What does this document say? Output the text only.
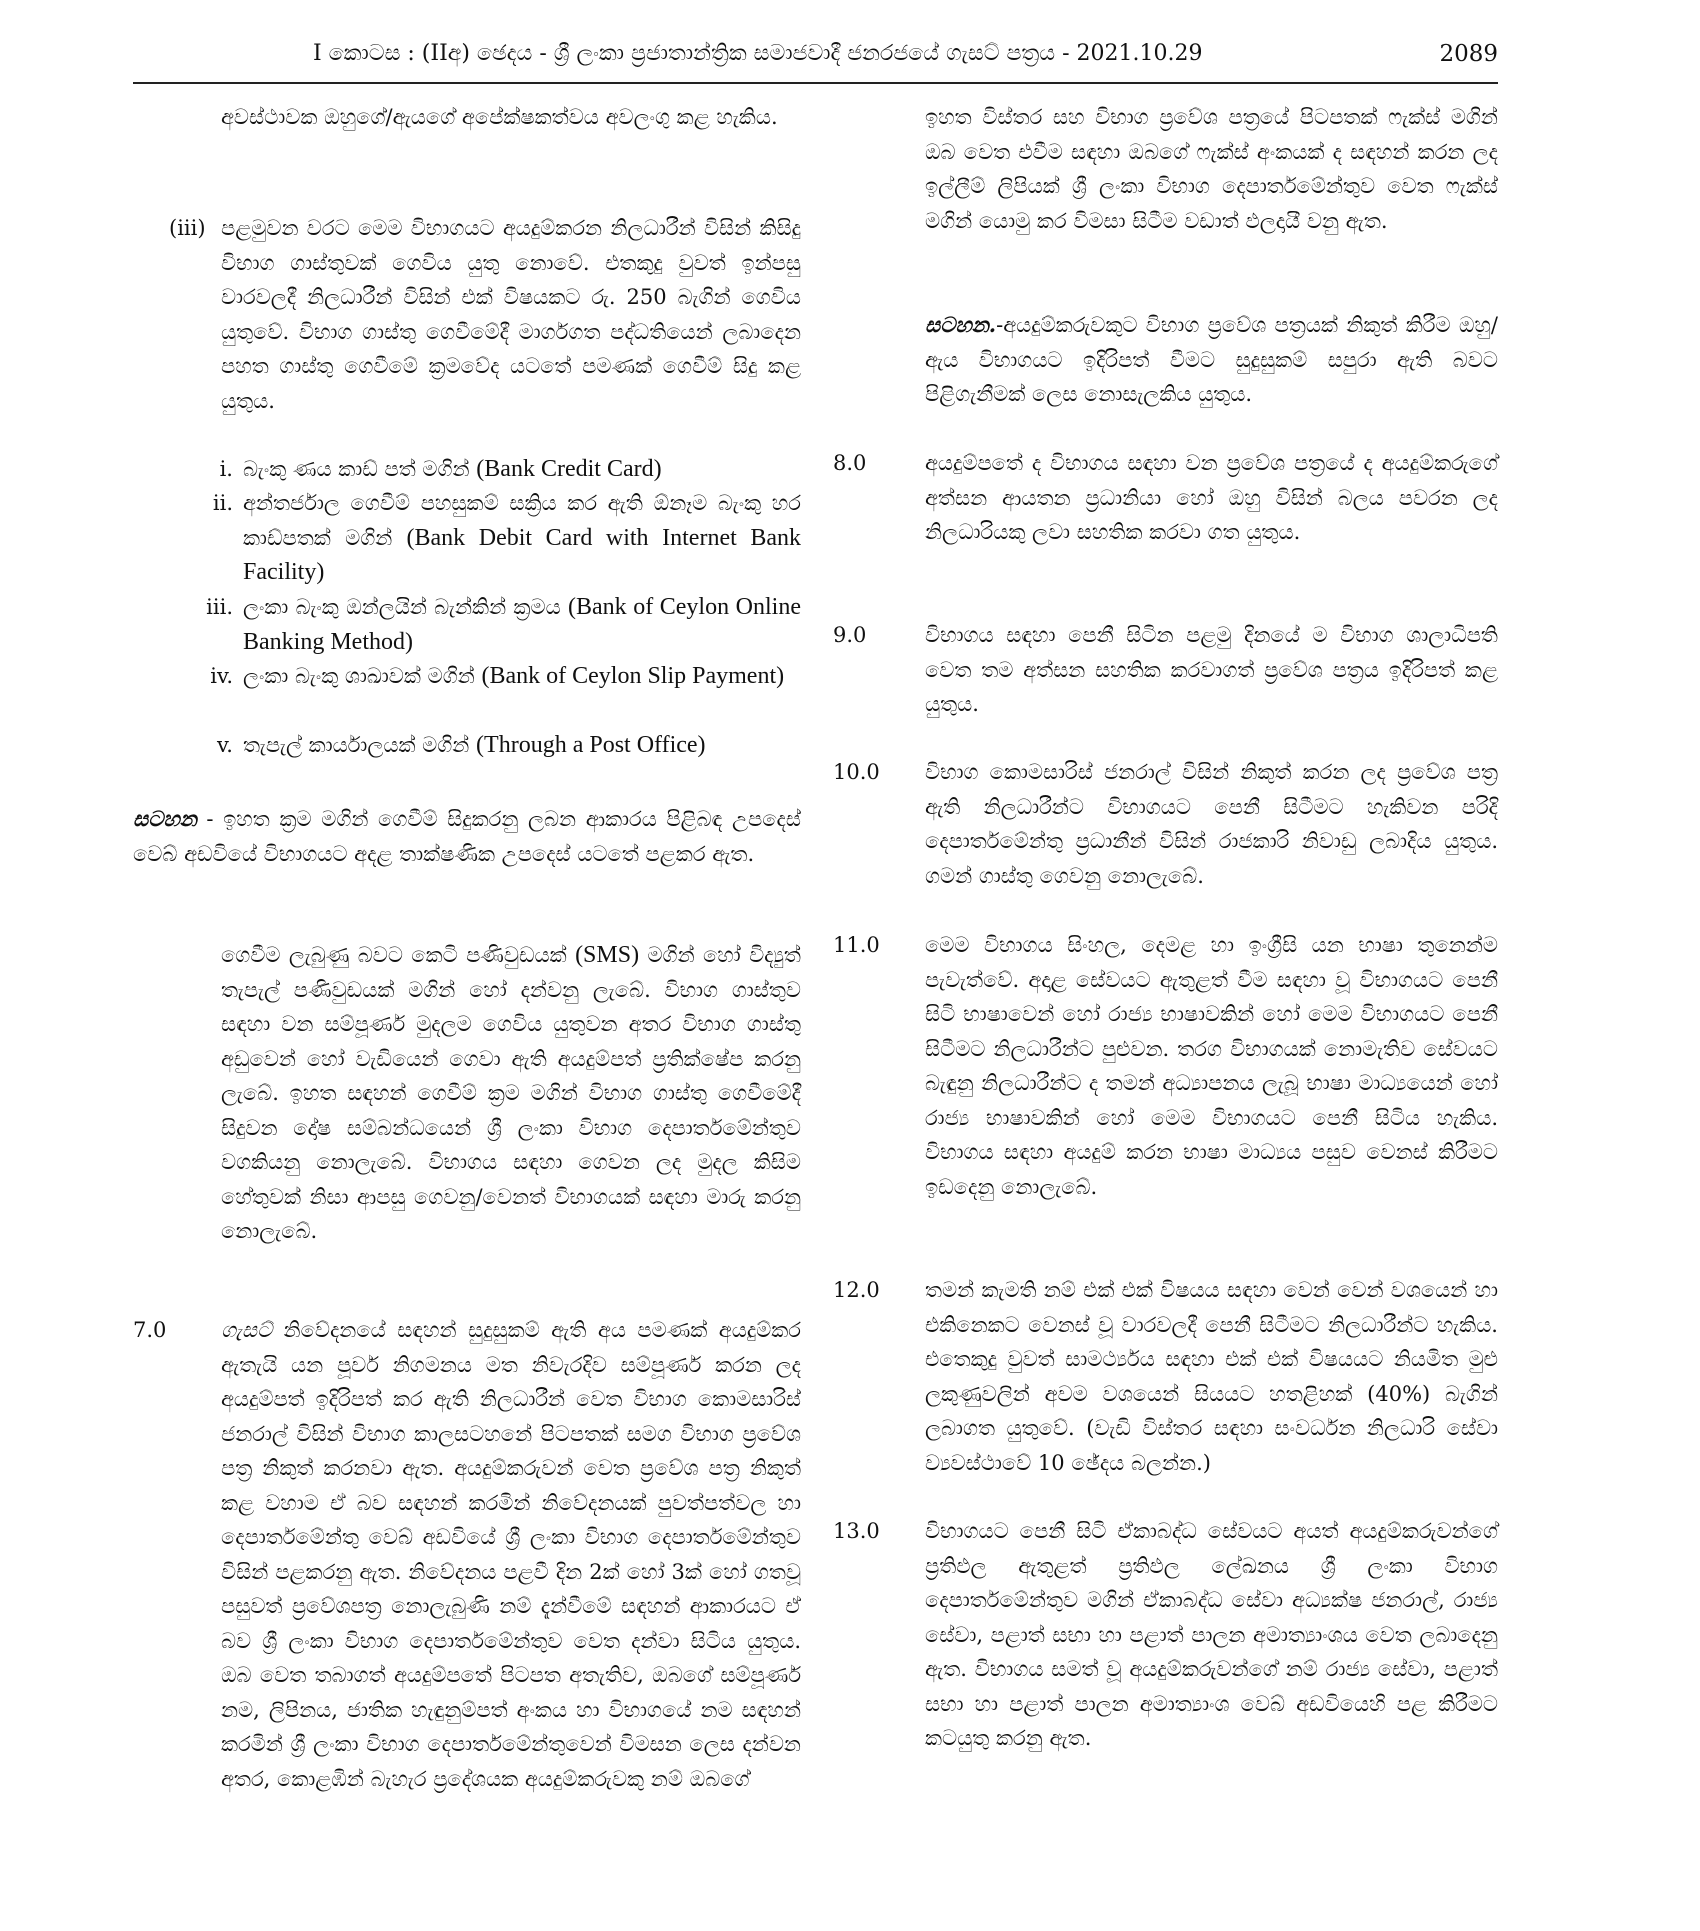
I කොටස : (IIඅ) ඡෙදය - ශ්‍රී ලංකා ප්‍රජාතාන්ත්‍රික සමාජවාදී ජනරජයේ ගැසට් පත්‍රය - 2021.10.29	2089

අවස්ථාවක ඔහුගේ/ඇයගේ අපේක්ෂකත්වය අවලංගු කළ හැකිය.

(iii) පළමුවන වරට මෙම විභාගයට අයදුම්කරන නිලධාරීන් විසින් කිසිදු විභාග ගාස්තුවක් ගෙවිය යුතු නොවේ. එතකුදු වුවත් ඉන්පසු වාරවලදී නිලධාරීන් විසින් එක් විෂයකට රු. 250 බැගින් ගෙවිය යුතුවේ. විභාග ගාස්තු ගෙවීමේදී මාර්ගගත පද්ධතියෙන් ලබාදෙන පහත ගාස්තු ගෙවීමේ ක්‍රමවේද යටතේ පමණක් ගෙවීම් සිදු කළ යුතුය.

i. බැංකු ණය කාඩ් පත් මගින් (Bank Credit Card)
ii. අන්තර්ජාල ගෙවීම් පහසුකම් සක්‍රිය කර ඇති ඕනෑම බැංකු හර කාඩ්පතක් මගින් (Bank Debit Card with Internet Bank Facility)
iii. ලංකා බැංකු ඔන්ලයින් බැන්කින් ක්‍රමය (Bank of Ceylon Online Banking Method)
iv. ලංකා බැංකු ශාඛාවක් මගින් (Bank of Ceylon Slip Payment)
v. තැපැල් කාර්යාලයක් මගින් (Through a Post Office)

සටහන - ඉහත ක්‍රම මගින් ගෙවීම් සිදුකරනු ලබන ආකාරය පිළිබඳ උපදෙස් වෙබ් අඩවියේ විභාගයට අදළ තාක්ෂණික උපදෙස් යටතේ පළකර ඇත.

ගෙවීම ලැබුණු බවට කෙටි පණිවුඩයක් (SMS) මගින් හෝ විද්‍යුත් තැපැල් පණිවුඩයක් මගින් හෝ දන්වනු ලැබේ. විභාග ගාස්තුව සඳහා වන සම්පූර්ණ මුදලම ගෙවිය යුතුවන අතර විභාග ගාස්තු අඩුවෙන් හෝ වැඩියෙන් ගෙවා ඇති අයදුම්පත් ප්‍රතික්ෂේප කරනු ලැබේ. ඉහත සඳහන් ගෙවීම් ක්‍රම මගින් විභාග ගාස්තු ගෙවීමේදී සිදුවන දෝෂ සම්බන්ධයෙන් ශ්‍රී ලංකා විභාග දෙපාර්තමේන්තුව වගකියනු නොලැබේ. විභාගය සඳහා ගෙවන ලද මුදල කිසිම හේතුවක් නිසා ආපසු ගෙවනු/වෙනත් විභාගයක් සඳහා මාරු කරනු නොලැබේ.

7.0	ගැසට් නිවේදනයේ සඳහන් සුදුසුකම් ඇති අය පමණක් අයදුම්කර ඇතැයි යන පූර්ව නිගමනය මත නිවැරදිව සම්පූර්ණ කරන ලද අයදුම්පත් ඉදිරිපත් කර ඇති නිලධාරීන් වෙත විභාග කොමසාරිස් ජනරාල් විසින් විභාග කාලසටහනේ පිටපතක් සමග විභාග ප්‍රවේශ පත්‍ර නිකුත් කරනවා ඇත. අයදුම්කරුවන් වෙත ප්‍රවේශ පත්‍ර නිකුත් කළ වහාම ඒ බව සඳහන් කරමින් නිවේදනයක් පුවත්පත්වල හා දෙපාර්තමේන්තු වෙබ් අඩවියේ ශ්‍රී ලංකා විභාග දෙපාර්තමේන්තුව විසින් පළකරනු ඇත. නිවේදනය පළවී දින 2ක් හෝ 3ක් හෝ ගතවූ පසුවත් ප්‍රවේශපත්‍ර නොලැබුණි නම් දැන්වීමේ සඳහන් ආකාරයට ඒ බව ශ්‍රී ලංකා විභාග දෙපාර්තමේන්තුව වෙත දන්වා සිටිය යුතුය. ඔබ වෙත තබාගත් අයදුම්පතේ පිටපත අතැතිව, ඔබගේ සම්පූර්ණ නම, ලිපිනය, ජාතික හැඳුනුම්පත් අංකය හා විභාගයේ නම සඳහන් කරමින් ශ්‍රී ලංකා විභාග දෙපාර්තමේන්තුවෙන් විමසන ලෙස දන්වන අතර, කොළඹින් බැහැර ප්‍රදේශයක අයදුම්කරුවකු නම් ඔබගේ

ඉහත විස්තර සහ විභාග ප්‍රවේශ පත්‍රයේ පිටපතක් ෆැක්ස් මගින් ඔබ වෙත එවීම සඳහා ඔබගේ ෆැක්ස් අංකයක් ද සඳහන් කරන ලද ඉල්ලීම් ලිපියක් ශ්‍රී ලංකා විභාග දෙපාර්තමේන්තුව වෙත ෆැක්ස් මගින් යොමු කර විමසා සිටීම වඩාත් ඵලදායී වනු ඇත.

සටහන.-අයදුම්කරුවකුට විභාග ප්‍රවේශ පත්‍රයක් නිකුත් කිරීම ඔහු/ඇය විභාගයට ඉදිරිපත් වීමට සුදුසුකම් සපුරා ඇති බවට පිළිගැනීමක් ලෙස නොසැලකිය යුතුය.

8.0	අයදුම්පතේ ද විභාගය සඳහා වන ප්‍රවේශ පත්‍රයේ ද අයදුම්කරුගේ අත්සන ආයතන ප්‍රධානියා හෝ ඔහු විසින් බලය පවරන ලද නිලධාරියකු ලවා සහතික කරවා ගත යුතුය.

9.0	විභාගය සඳහා පෙනී සිටින පළමු දිනයේ ම විභාග ශාලාධිපති වෙත තම අත්සන සහතික කරවාගත් ප්‍රවේශ පත්‍රය ඉදිරිපත් කළ යුතුය.

10.0 විභාග කොමසාරිස් ජනරාල් විසින් නිකුත් කරන ලද ප්‍රවේශ පත්‍ර ඇති නිලධාරීන්ට විභාගයට පෙනී සිටීමට හැකිවන පරිදි දෙපාර්තමේන්තු ප්‍රධානීන් විසින් රාජකාරි නිවාඩු ලබාදිය යුතුය. ගමන් ගාස්තු ගෙවනු නොලැබේ.

11.0 මෙම විභාගය සිංහල, දෙමළ හා ඉංග්‍රීසි යන භාෂා තුනෙන්ම පැවැත්වේ. අදාළ සේවයට ඇතුළත් වීම සඳහා වූ විභාගයට පෙනී සිටි භාෂාවෙන් හෝ රාජ්‍ය භාෂාවකින් හෝ මෙම විභාගයට පෙනී සිටීමට නිලධාරීන්ට පුළුවන. තරග විභාගයක් නොමැතිව සේවයට බැඳුනු නිලධාරීන්ට ද තමන් අධ්‍යාපනය ලැබූ භාෂා මාධ්‍යයෙන් හෝ රාජ්‍ය භාෂාවකින් හෝ මෙම විභාගයට පෙනී සිටිය හැකිය. විභාගය සඳහා අයදුම් කරන භාෂා මාධ්‍යය පසුව වෙනස් කිරීමට ඉඩදෙනු නොලැබේ.

12.0 තමන් කැමති නම් එක් එක් විෂයය සඳහා වෙන් වෙන් වශයෙන් හා එකිනෙකට වෙනස් වූ වාරවලදී පෙනී සිටීමට නිලධාරීන්ට හැකිය. එතෙකුදු වුවත් සාමර්ථ්‍යය සඳහා එක් එක් විෂයයට නියමිත මුළු ලකුණුවලින් අවම වශයෙන් සියයට හතළිහක් (40%) බැගින් ලබාගත යුතුවේ. (වැඩි විස්තර සඳහා සංවර්ධන නිලධාරි සේවා ව්‍යවස්ථාවේ 10 ඡේදය බලන්න.)

13.0 විභාගයට පෙනී සිටි ඒකාබද්ධ සේවයට අයත් අයදුම්කරුවන්ගේ ප්‍රතිඵල ඇතුළත් ප්‍රතිඵල ලේඛනය ශ්‍රී ලංකා විභාග දෙපාර්තමේන්තුව මගින් ඒකාබද්ධ සේවා අධ්‍යක්ෂ ජනරාල්, රාජ්‍ය සේවා, පළාත් සභා හා පළාත් පාලන අමාත්‍යාංශය වෙත ලබාදෙනු ඇත. විභාගය සමත් වූ අයදුම්කරුවන්ගේ නම් රාජ්‍ය සේවා, පළාත් සභා හා පළාත් පාලන අමාත්‍යාංශ වෙබ් අඩවියෙහි පළ කිරීමට කටයුතු කරනු ඇත.
